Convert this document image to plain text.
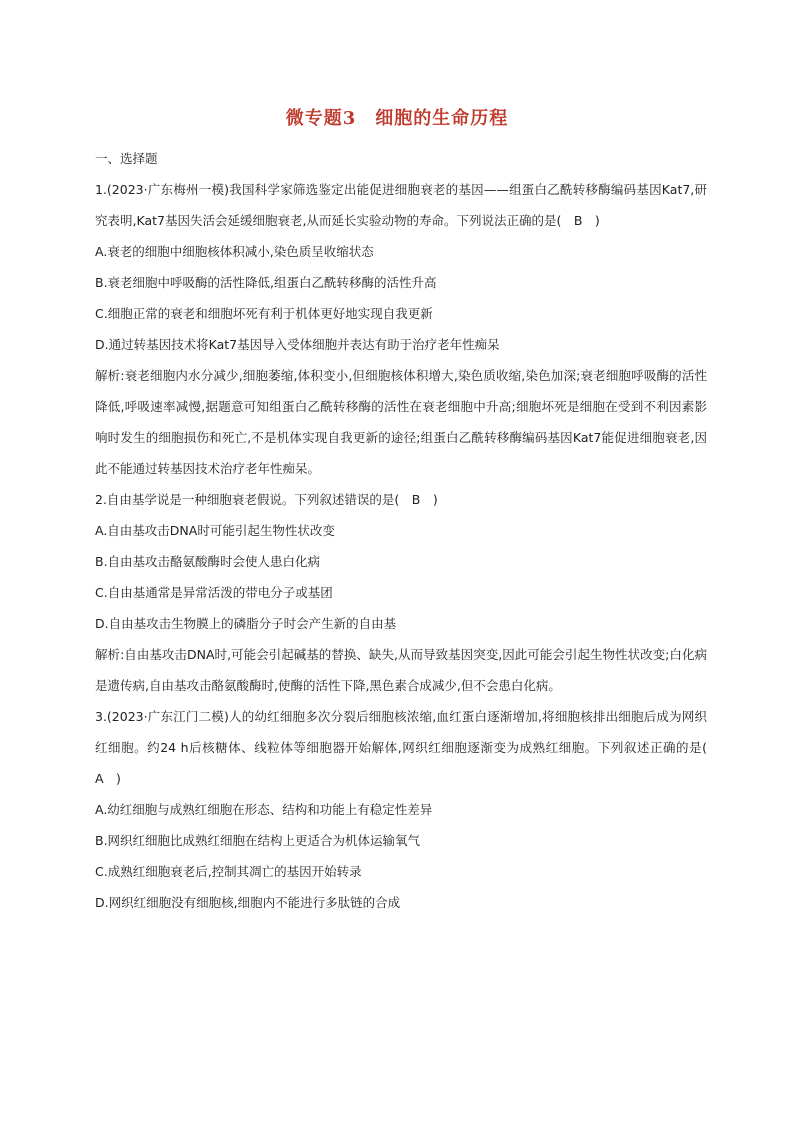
微专题3　细胞的生命历程
一、选择题
1.(2023·广东梅州一模)我国科学家筛选鉴定出能促进细胞衰老的基因——组蛋白乙酰转移酶编码基因Kat7,研究表明,Kat7基因失活会延缓细胞衰老,从而延长实验动物的寿命。下列说法正确的是(　B　)
A.衰老的细胞中细胞核体积减小,染色质呈收缩状态
B.衰老细胞中呼吸酶的活性降低,组蛋白乙酰转移酶的活性升高
C.细胞正常的衰老和细胞坏死有利于机体更好地实现自我更新
D.通过转基因技术将Kat7基因导入受体细胞并表达有助于治疗老年性痴呆
解析:衰老细胞内水分减少,细胞萎缩,体积变小,但细胞核体积增大,染色质收缩,染色加深;衰老细胞呼吸酶的活性降低,呼吸速率减慢,据题意可知组蛋白乙酰转移酶的活性在衰老细胞中升高;细胞坏死是细胞在受到不利因素影响时发生的细胞损伤和死亡,不是机体实现自我更新的途径;组蛋白乙酰转移酶编码基因Kat7能促进细胞衰老,因此不能通过转基因技术治疗老年性痴呆。
2.自由基学说是一种细胞衰老假说。下列叙述错误的是(　B　)
A.自由基攻击DNA时可能引起生物性状改变
B.自由基攻击酪氨酸酶时会使人患白化病
C.自由基通常是异常活泼的带电分子或基团
D.自由基攻击生物膜上的磷脂分子时会产生新的自由基
解析:自由基攻击DNA时,可能会引起碱基的替换、缺失,从而导致基因突变,因此可能会引起生物性状改变;白化病是遗传病,自由基攻击酪氨酸酶时,使酶的活性下降,黑色素合成减少,但不会患白化病。
3.(2023·广东江门二模)人的幼红细胞多次分裂后细胞核浓缩,血红蛋白逐渐增加,将细胞核排出细胞后成为网织红细胞。约24 h后核糖体、线粒体等细胞器开始解体,网织红细胞逐渐变为成熟红细胞。下列叙述正确的是(　A　)
A.幼红细胞与成熟红细胞在形态、结构和功能上有稳定性差异
B.网织红细胞比成熟红细胞在结构上更适合为机体运输氧气
C.成熟红细胞衰老后,控制其凋亡的基因开始转录
D.网织红细胞没有细胞核,细胞内不能进行多肽链的合成
